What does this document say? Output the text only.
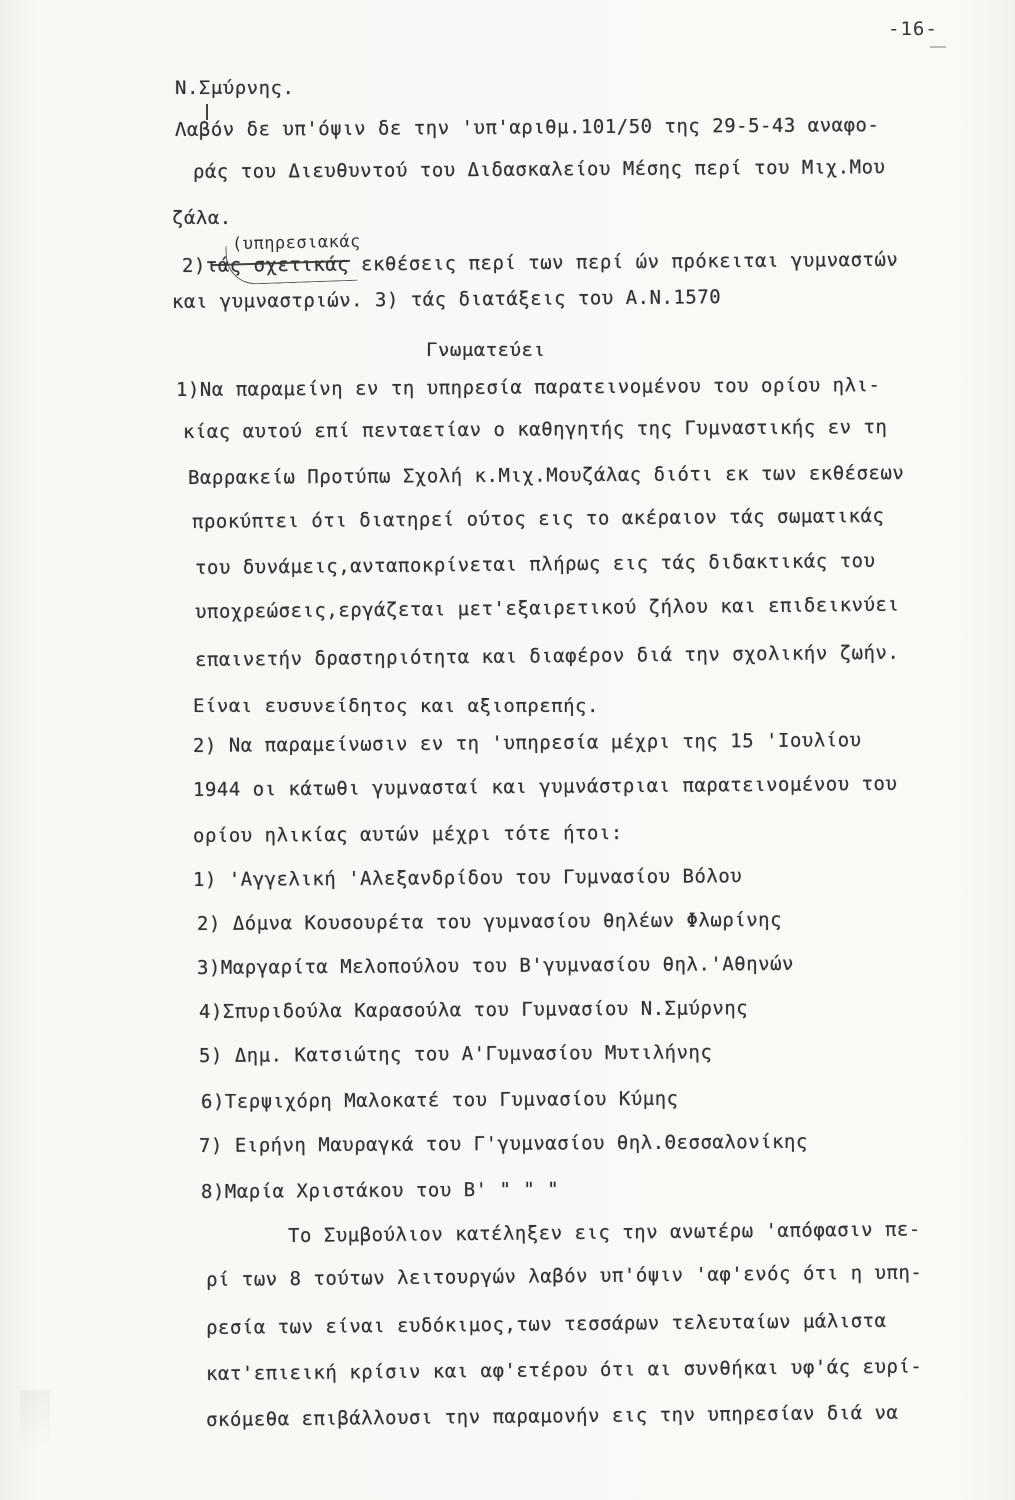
-16-
(υπηρεσιακάς
Ν.Σμύρνης.
Λαβόν δε υπ'όψιν δε την 'υπ'αριθμ.101/50 της 29-5-43 αναφο-
ράς του Διευθυντού του Διδασκαλείου Μέσης περί του Μιχ.Μου
ζάλα.
2)τάς σχετικάς εκθέσεις περί των περί ών πρόκειται γυμναστών
και γυμναστριών. 3) τάς διατάξεις του Α.Ν.1570
Γνωματεύει
1)Να παραμείνη εν τη υπηρεσία παρατεινομένου του ορίου ηλι-
κίας αυτού επί πενταετίαν ο καθηγητής της Γυμναστικής εν τη
Βαρρακείω Προτύπω Σχολή κ.Μιχ.Μουζάλας διότι εκ των εκθέσεων
προκύπτει ότι διατηρεί ούτος εις το ακέραιον τάς σωματικάς
του δυνάμεις,ανταποκρίνεται πλήρως εις τάς διδακτικάς του
υποχρεώσεις,εργάζεται μετ'εξαιρετικού ζήλου και επιδεικνύει
επαινετήν δραστηριότητα και διαφέρον διά την σχολικήν ζωήν.
Είναι ευσυνείδητος και αξιοπρεπής.
2) Να παραμείνωσιν εν τη 'υπηρεσία μέχρι της 15 'Ιουλίου
1944 οι κάτωθι γυμνασταί και γυμνάστριαι παρατεινομένου του
ορίου ηλικίας αυτών μέχρι τότε ήτοι:
1) 'Αγγελική 'Αλεξανδρίδου του Γυμνασίου Βόλου
2) Δόμνα Κουσουρέτα του γυμνασίου θηλέων Φλωρίνης
3)Μαργαρίτα Μελοπούλου του Β'γυμνασίου θηλ.'Αθηνών
4)Σπυριδούλα Καρασούλα του Γυμνασίου Ν.Σμύρνης
5) Δημ. Κατσιώτης του Α'Γυμνασίου Μυτιλήνης
6)Τερψιχόρη Μαλοκατέ του Γυμνασίου Κύμης
7) Ειρήνη Μαυραγκά του Γ'γυμνασίου θηλ.Θεσσαλονίκης
8)Μαρία Χριστάκου του Β' " " "
Το Συμβούλιον κατέληξεν εις την ανωτέρω 'απόφασιν πε-
ρί των 8 τούτων λειτουργών λαβόν υπ'όψιν 'αφ'ενός ότι η υπη-
ρεσία των είναι ευδόκιμος,των τεσσάρων τελευταίων μάλιστα
κατ'επιεική κρίσιν και αφ'ετέρου ότι αι συνθήκαι υφ'άς ευρί-
σκόμεθα επιβάλλουσι την παραμονήν εις την υπηρεσίαν διά να
